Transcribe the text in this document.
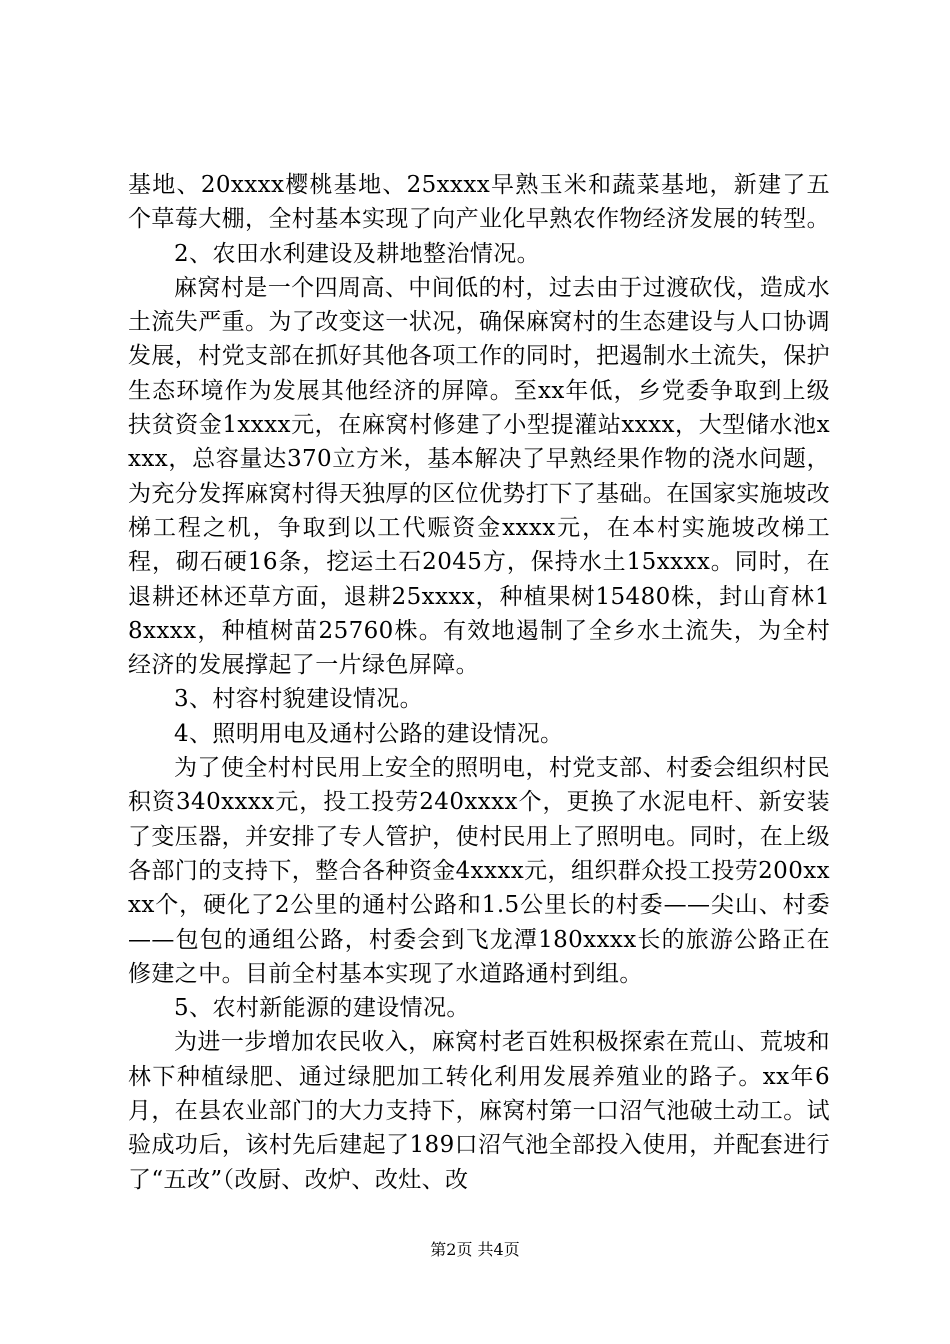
基地、20xxxx樱桃基地、25xxxx早熟玉米和蔬菜基地，新建了五个草莓大棚，全村基本实现了向产业化早熟农作物经济发展的转型。

2、农田水利建设及耕地整治情况。

麻窝村是一个四周高、中间低的村，过去由于过渡砍伐，造成水土流失严重。为了改变这一状况，确保麻窝村的生态建设与人口协调发展，村党支部在抓好其他各项工作的同时，把遏制水土流失，保护生态环境作为发展其他经济的屏障。至xx年低，乡党委争取到上级扶贫资金1xxxx元，在麻窝村修建了小型提灌站xxxx，大型储水池xxxx，总容量达370立方米，基本解决了早熟经果作物的浇水问题，为充分发挥麻窝村得天独厚的区位优势打下了基础。在国家实施坡改梯工程之机，争取到以工代赈资金xxxx元，在本村实施坡改梯工程，砌石硬16条，挖运土石2045方，保持水土15xxxx。同时，在退耕还林还草方面，退耕25xxxx，种植果树15480株，封山育林18xxxx，种植树苗25760株。有效地遏制了全乡水土流失，为全村经济的发展撑起了一片绿色屏障。

3、村容村貌建设情况。

4、照明用电及通村公路的建设情况。

为了使全村村民用上安全的照明电，村党支部、村委会组织村民积资340xxxx元，投工投劳240xxxx个，更换了水泥电杆、新安装了变压器，并安排了专人管护，使村民用上了照明电。同时，在上级各部门的支持下，整合各种资金4xxxx元，组织群众投工投劳200xxxx个，硬化了2公里的通村公路和1.5公里长的村委——尖山、村委——包包的通组公路，村委会到飞龙潭180xxxx长的旅游公路正在修建之中。目前全村基本实现了水道路通村到组。

5、农村新能源的建设情况。

为进一步增加农民收入，麻窝村老百姓积极探索在荒山、荒坡和林下种植绿肥、通过绿肥加工转化利用发展养殖业的路子。xx年6月，在县农业部门的大力支持下，麻窝村第一口沼气池破土动工。试验成功后，该村先后建起了189口沼气池全部投入使用，并配套进行了“五改”（改厨、改炉、改灶、改

第2页 共4页
